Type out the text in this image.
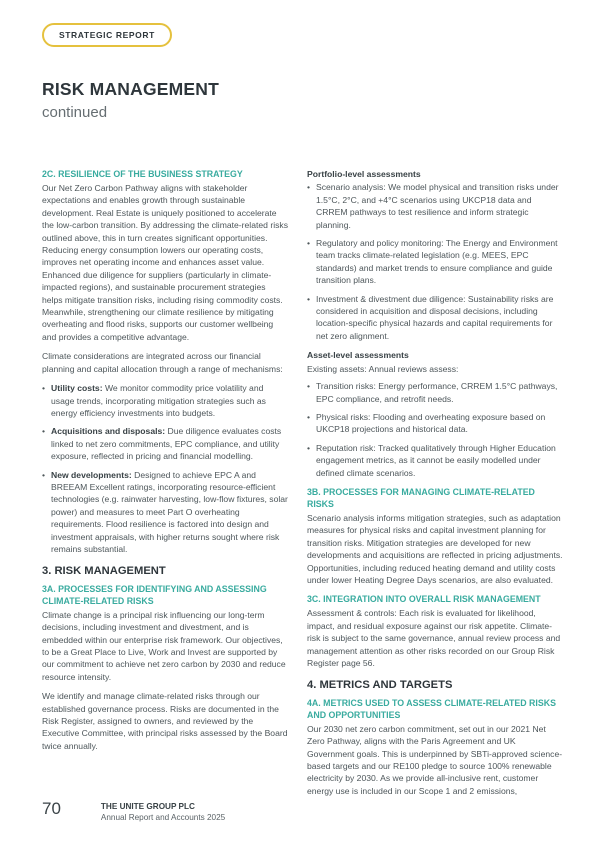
STRATEGIC REPORT
RISK MANAGEMENT
continued
2C. RESILIENCE OF THE BUSINESS STRATEGY

Our Net Zero Carbon Pathway aligns with stakeholder expectations and enables growth through sustainable development. Real Estate is uniquely positioned to accelerate the low-carbon transition. By addressing the climate-related risks outlined above, this in turn creates significant opportunities. Reducing energy consumption lowers our operating costs, improves net operating income and enhances asset value. Enhanced due diligence for suppliers (particularly in climate-impacted regions), and sustainable procurement strategies helps mitigate transition risks, including rising commodity costs. Meanwhile, strengthening our climate resilience by mitigating overheating and flood risks, supports our customer wellbeing and provides a competitive advantage.

Climate considerations are integrated across our financial planning and capital allocation through a range of mechanisms:

• Utility costs: We monitor commodity price volatility and usage trends, incorporating mitigation strategies such as energy efficiency investments into budgets.
• Acquisitions and disposals: Due diligence evaluates costs linked to net zero commitments, EPC compliance, and utility exposure, reflected in pricing and financial modelling.
• New developments: Designed to achieve EPC A and BREEAM Excellent ratings, incorporating resource-efficient technologies (e.g. rainwater harvesting, low-flow fixtures, solar power) and measures to meet Part O overheating requirements. Flood resilience is factored into design and investment appraisals, with higher returns sought where risk remains substantial.
3. RISK MANAGEMENT
3A. PROCESSES FOR IDENTIFYING AND ASSESSING CLIMATE-RELATED RISKS

Climate change is a principal risk influencing our long-term decisions, including investment and divestment, and is embedded within our enterprise risk framework. Our objectives, to be a Great Place to Live, Work and Invest are supported by our commitment to achieve net zero carbon by 2030 and reduce resource intensity.

We identify and manage climate-related risks through our established governance process. Risks are documented in the Risk Register, assigned to owners, and reviewed by the Executive Committee, with principal risks assessed by the Board twice annually.

Portfolio-level assessments
• Scenario analysis: We model physical and transition risks under 1.5°C, 2°C, and +4°C scenarios using UKCP18 data and CRREM pathways to test resilience and inform strategic planning.
• Regulatory and policy monitoring: The Energy and Environment team tracks climate-related legislation (e.g. MEES, EPC standards) and market trends to ensure compliance and guide transition plans.
• Investment & divestment due diligence: Sustainability risks are considered in acquisition and disposal decisions, including location-specific physical hazards and capital requirements for net zero alignment.
Asset-level assessments

Existing assets: Annual reviews assess:

• Transition risks: Energy performance, CRREM 1.5°C pathways, EPC compliance, and retrofit needs.
• Physical risks: Flooding and overheating exposure based on UKCP18 projections and historical data.
• Reputation risk: Tracked qualitatively through Higher Education engagement metrics, as it cannot be easily modelled under defined climate scenarios.
3B. PROCESSES FOR MANAGING CLIMATE-RELATED RISKS

Scenario analysis informs mitigation strategies, such as adaptation measures for physical risks and capital investment planning for transition risks. Mitigation strategies are developed for new developments and acquisitions are reflected in pricing adjustments. Opportunities, including reduced heating demand and utility costs under lower Heating Degree Days scenarios, are also evaluated.

3C. INTEGRATION INTO OVERALL RISK MANAGEMENT

Assessment & controls: Each risk is evaluated for likelihood, impact, and residual exposure against our risk appetite. Climate-risk is subject to the same governance, annual review process and management attention as other risks recorded on our Group Risk Register page 56.

4. METRICS AND TARGETS
4A. METRICS USED TO ASSESS CLIMATE-RELATED RISKS AND OPPORTUNITIES

Our 2030 net zero carbon commitment, set out in our 2021 Net Zero Pathway, aligns with the Paris Agreement and UK Government goals. This is underpinned by SBTi-approved science-based targets and our RE100 pledge to source 100% renewable electricity by 2030. As we provide all-inclusive rent, customer energy use is included in our Scope 1 and 2 emissions,

70	THE UNITE GROUP PLC
Annual Report and Accounts 2025
